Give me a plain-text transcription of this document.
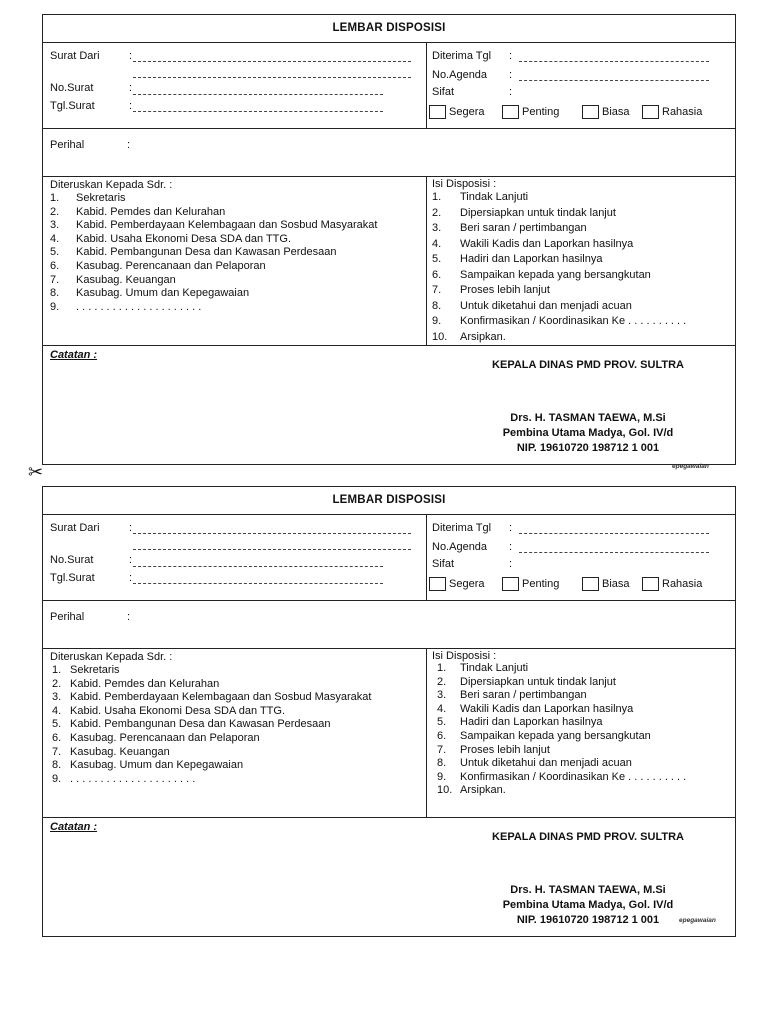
✂
LEMBAR DISPOSISI
Surat Dari	:
No.Surat	:
Tgl.Surat	:
Diterima Tgl :
No.Agenda :
Sifat	:
Segera	Penting	Biasa	Rahasia
Perihal	:
Diteruskan Kepada Sdr. :
1. Sekretaris
2. Kabid. Pemdes dan Kelurahan
3. Kabid. Pemberdayaan Kelembagaan dan Sosbud Masyarakat
4. Kabid. Usaha Ekonomi Desa SDA dan TTG.
5. Kabid. Pembangunan Desa dan Kawasan Perdesaan
6. Kasubag. Perencanaan dan Pelaporan
7. Kasubag. Keuangan
8. Kasubag. Umum dan Kepegawaian
9. . . . . . . . . . . . . . . . . . . . . .
Isi Disposisi :
1. Tindak Lanjuti
2. Dipersiapkan untuk tindak lanjut
3. Beri saran / pertimbangan
4. Wakili Kadis dan Laporkan hasilnya
5. Hadiri dan Laporkan hasilnya
6. Sampaikan kepada yang bersangkutan
7. Proses lebih lanjut
8. Untuk diketahui dan menjadi acuan
9. Konfirmasikan / Koordinasikan Ke . . . . . . . . . .
10. Arsipkan.
Catatan :
KEPALA DINAS PMD PROV. SULTRA
Drs. H. TASMAN TAEWA, M.Si
Pembina Utama Madya, Gol. IV/d
NIP. 19610720 198712 1 001
epegawaian
LEMBAR DISPOSISI
Surat Dari	:
No.Surat	:
Tgl.Surat	:
Diterima Tgl :
No.Agenda :
Sifat	:
Segera	Penting	Biasa	Rahasia
Perihal	:
Diteruskan Kepada Sdr. :
1. Sekretaris
2. Kabid. Pemdes dan Kelurahan
3. Kabid. Pemberdayaan Kelembagaan dan Sosbud Masyarakat
4. Kabid. Usaha Ekonomi Desa SDA dan TTG.
5. Kabid. Pembangunan Desa dan Kawasan Perdesaan
6. Kasubag. Perencanaan dan Pelaporan
7. Kasubag. Keuangan
8. Kasubag. Umum dan Kepegawaian
9. . . . . . . . . . . . . . . . . . . . . .
Isi Disposisi :
1. Tindak Lanjuti
2. Dipersiapkan untuk tindak lanjut
3. Beri saran / pertimbangan
4. Wakili Kadis dan Laporkan hasilnya
5. Hadiri dan Laporkan hasilnya
6. Sampaikan kepada yang bersangkutan
7. Proses lebih lanjut
8. Untuk diketahui dan menjadi acuan
9. Konfirmasikan / Koordinasikan Ke . . . . . . . . . .
10. Arsipkan.
Catatan :
KEPALA DINAS PMD PROV. SULTRA
Drs. H. TASMAN TAEWA, M.Si
Pembina Utama Madya, Gol. IV/d
NIP. 19610720 198712 1 001	epegawaian
